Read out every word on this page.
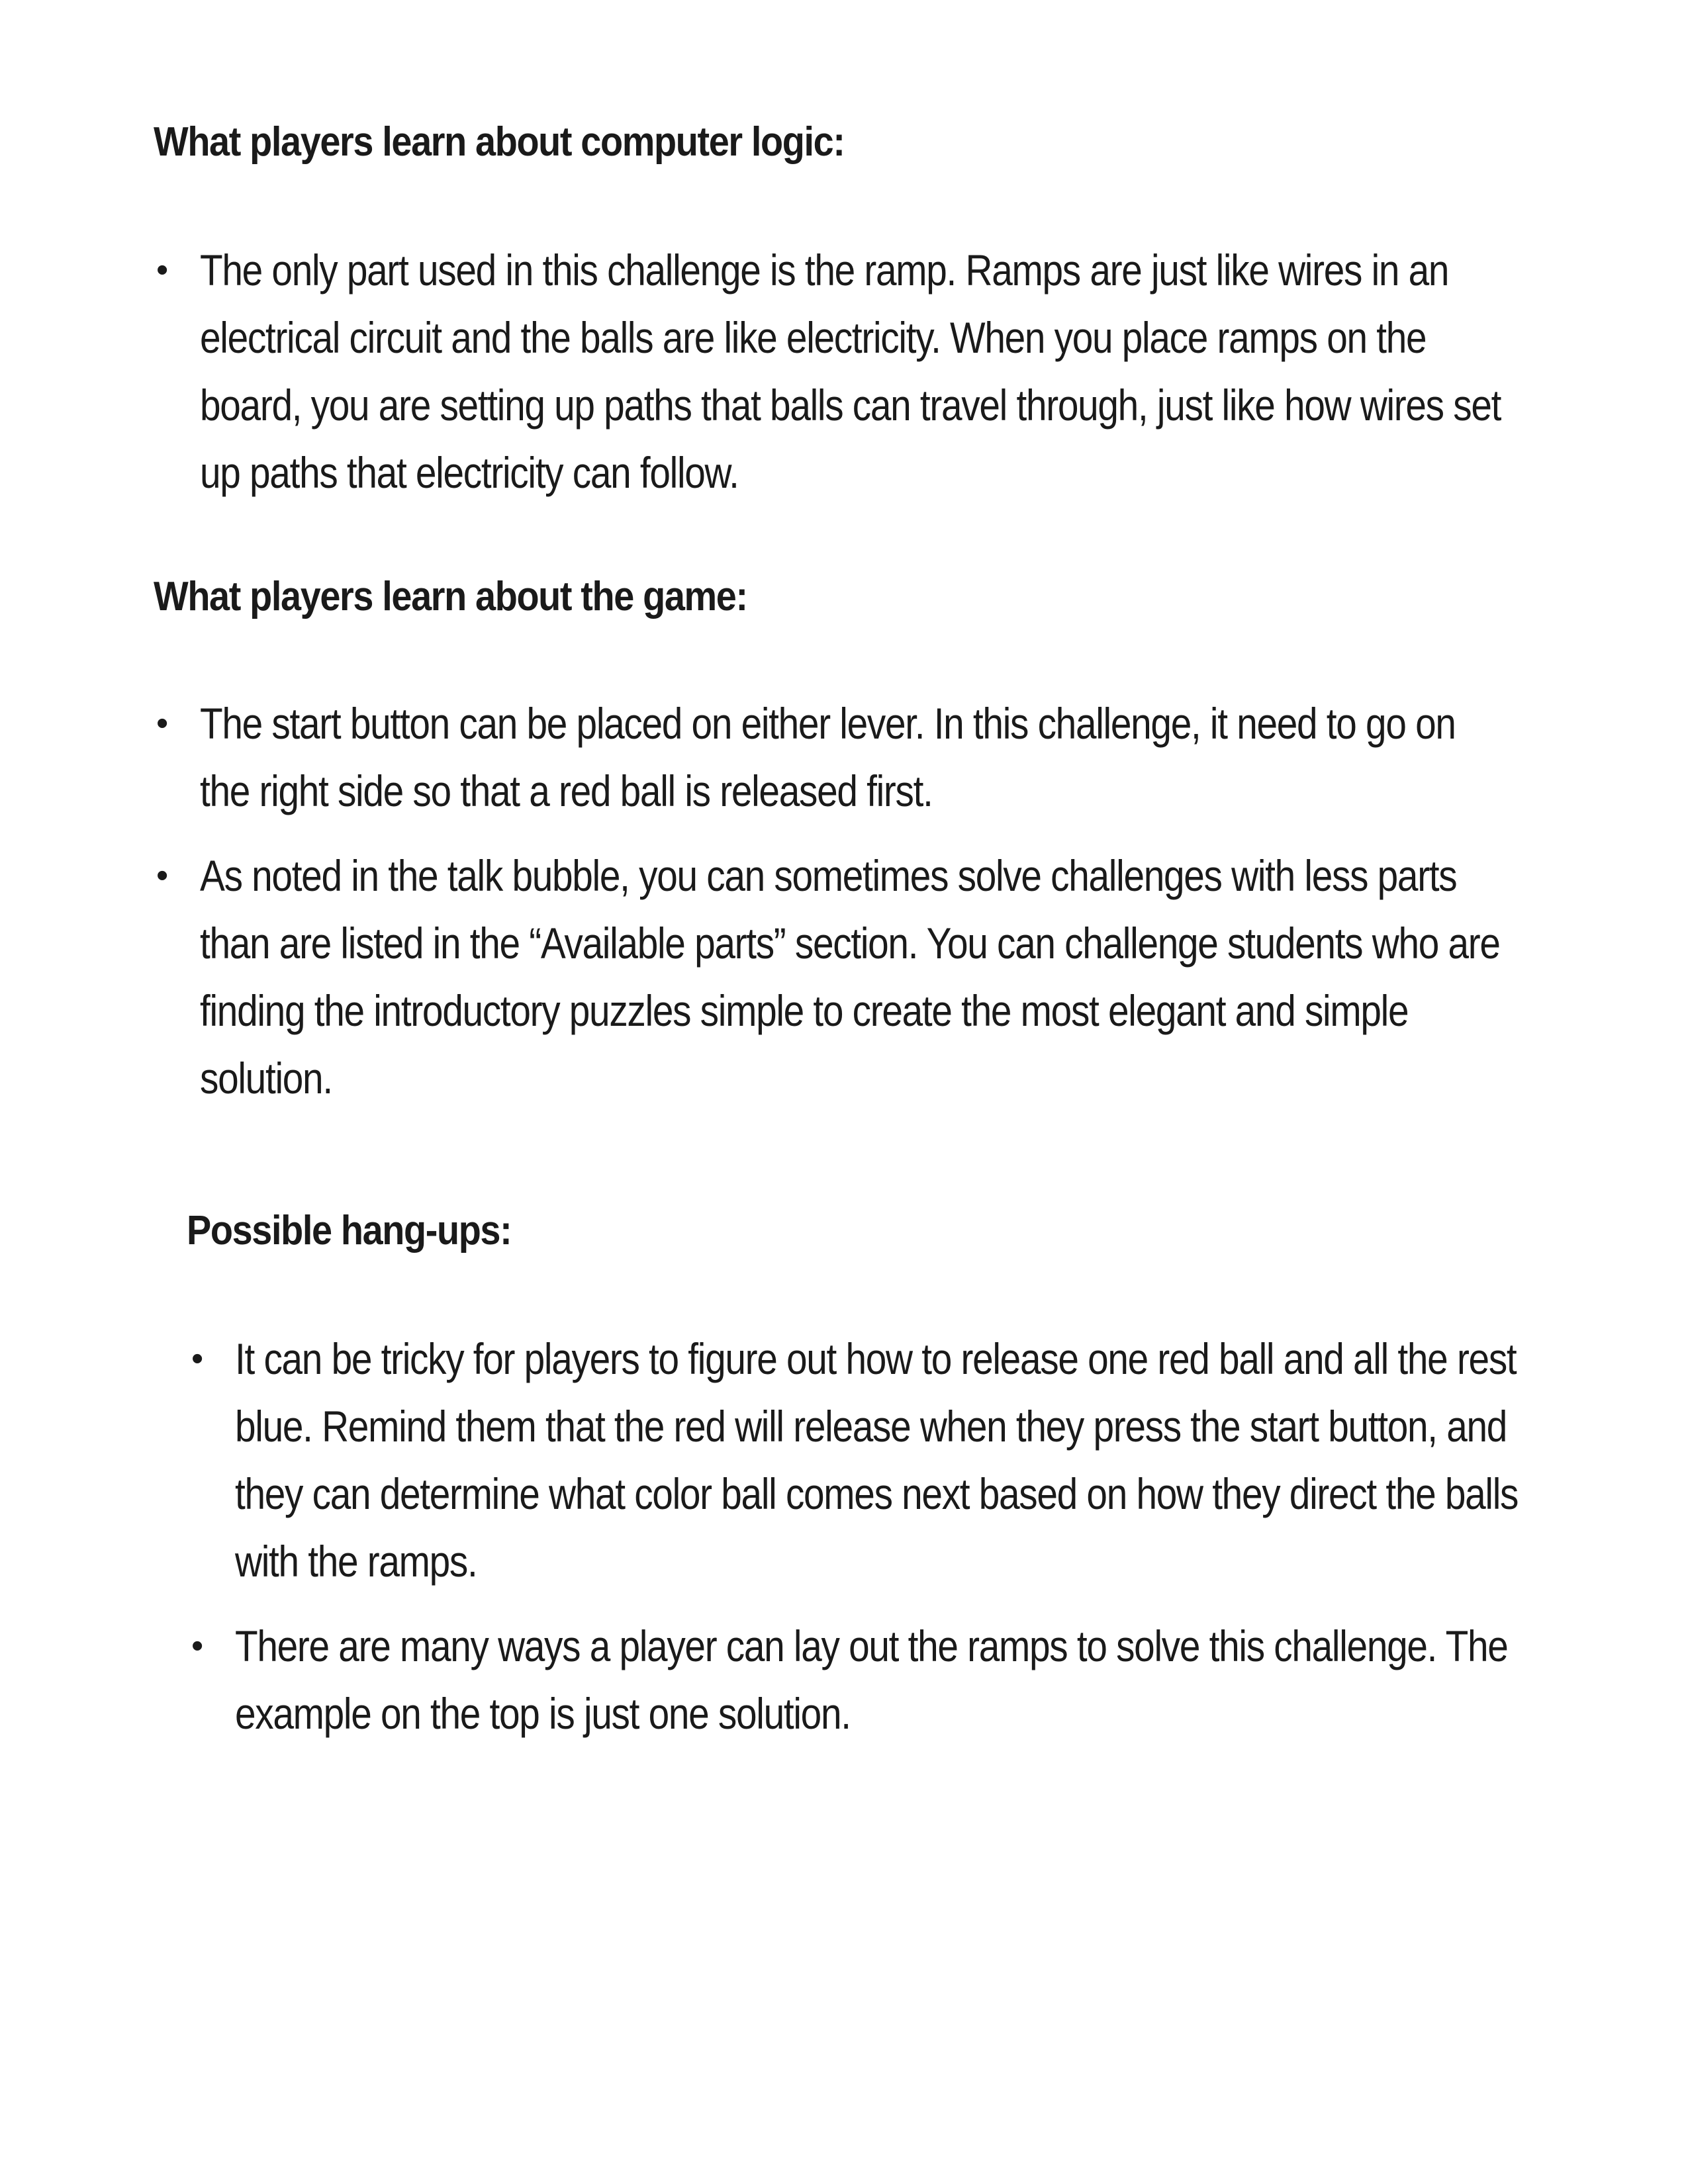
What players learn about computer logic:
• The only part used in this challenge is the ramp. Ramps are just like wires in an electrical circuit and the balls are like electricity. When you place ramps on the board, you are setting up paths that balls can travel through, just like how wires set up paths that electricity can follow.
What players learn about the game:
• The start button can be placed on either lever. In this challenge, it need to go on the right side so that a red ball is released first.
• As noted in the talk bubble, you can sometimes solve challenges with less parts than are listed in the “Available parts” section. You can challenge students who are finding the introductory puzzles simple to create the most elegant and simple solution.
Possible hang-ups:
• It can be tricky for players to figure out how to release one red ball and all the rest blue. Remind them that the red will release when they press the start button, and they can determine what color ball comes next based on how they direct the balls with the ramps.
• There are many ways a player can lay out the ramps to solve this challenge. The example on the top is just one solution.
